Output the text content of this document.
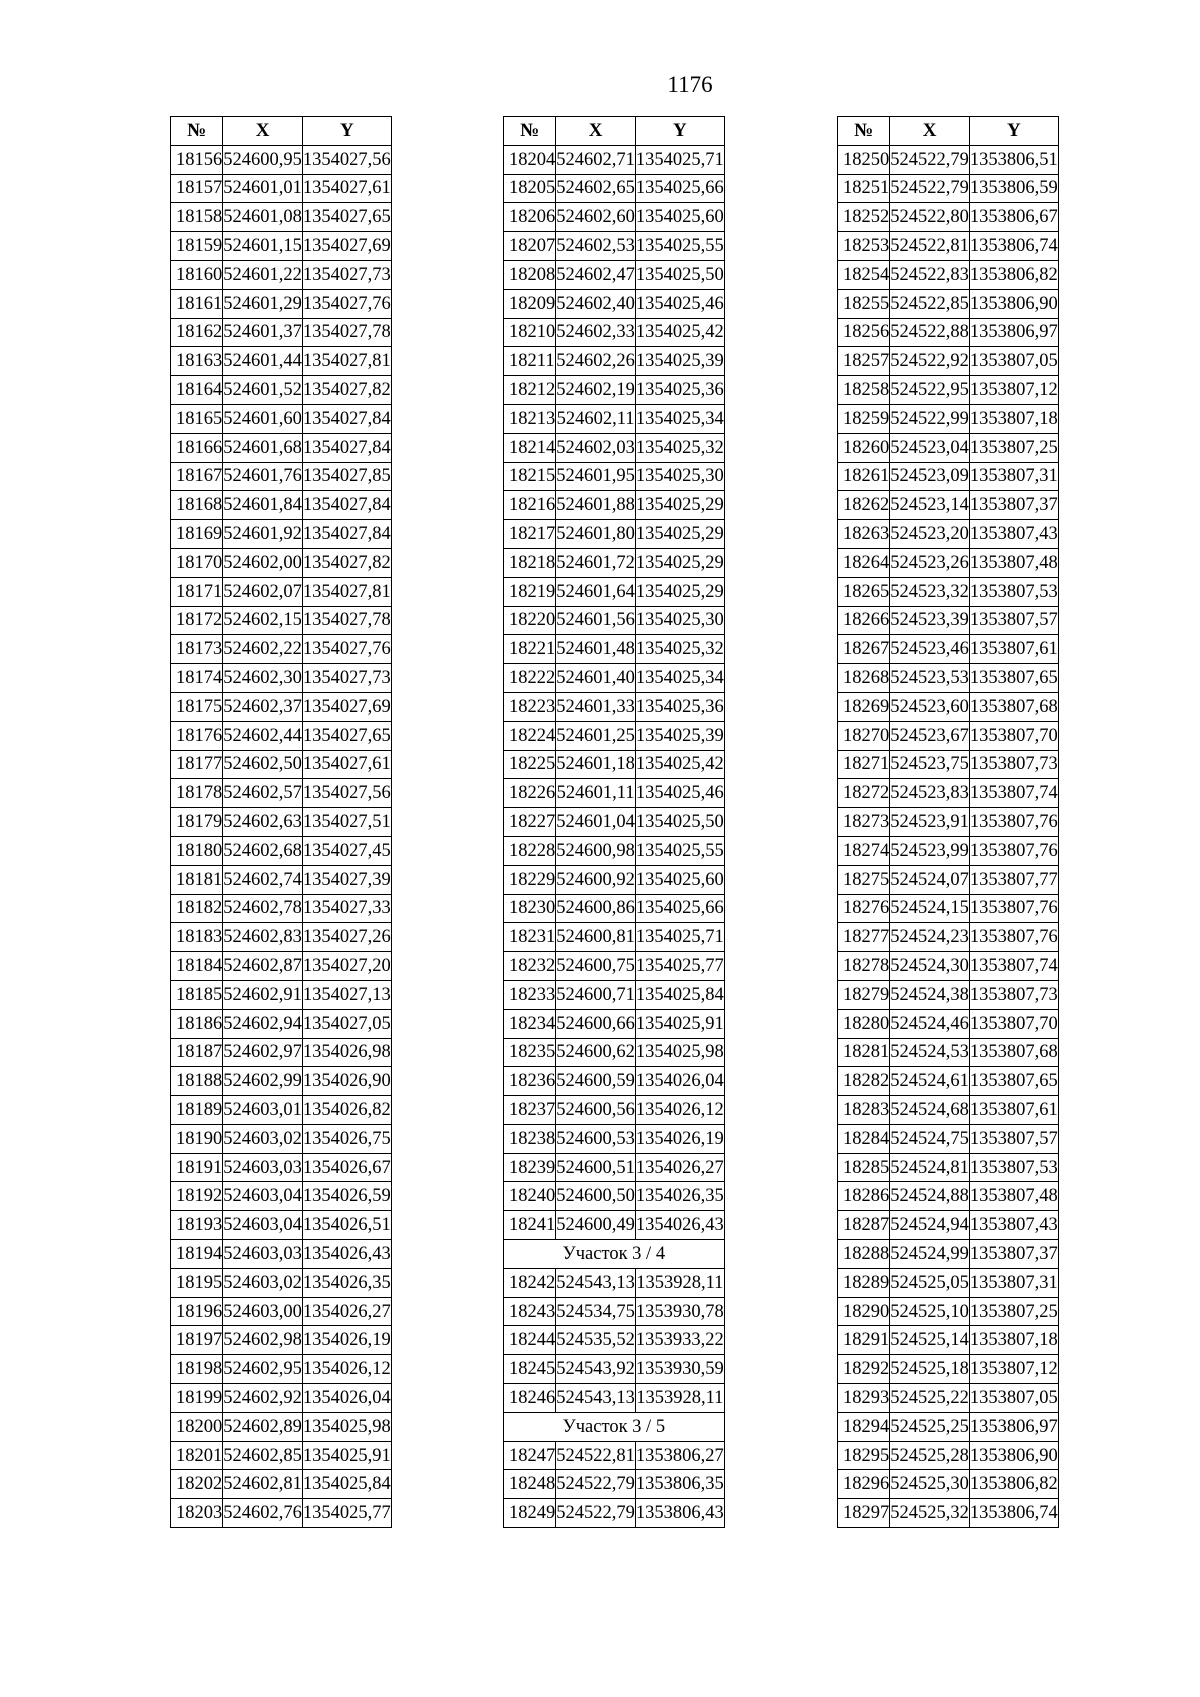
1176
№	X	Y
18156	524600,95	1354027,56
18157	524601,01	1354027,61
18158	524601,08	1354027,65
18159	524601,15	1354027,69
18160	524601,22	1354027,73
18161	524601,29	1354027,76
18162	524601,37	1354027,78
18163	524601,44	1354027,81
18164	524601,52	1354027,82
18165	524601,60	1354027,84
18166	524601,68	1354027,84
18167	524601,76	1354027,85
18168	524601,84	1354027,84
18169	524601,92	1354027,84
18170	524602,00	1354027,82
18171	524602,07	1354027,81
18172	524602,15	1354027,78
18173	524602,22	1354027,76
18174	524602,30	1354027,73
18175	524602,37	1354027,69
18176	524602,44	1354027,65
18177	524602,50	1354027,61
18178	524602,57	1354027,56
18179	524602,63	1354027,51
18180	524602,68	1354027,45
18181	524602,74	1354027,39
18182	524602,78	1354027,33
18183	524602,83	1354027,26
18184	524602,87	1354027,20
18185	524602,91	1354027,13
18186	524602,94	1354027,05
18187	524602,97	1354026,98
18188	524602,99	1354026,90
18189	524603,01	1354026,82
18190	524603,02	1354026,75
18191	524603,03	1354026,67
18192	524603,04	1354026,59
18193	524603,04	1354026,51
18194	524603,03	1354026,43
18195	524603,02	1354026,35
18196	524603,00	1354026,27
18197	524602,98	1354026,19
18198	524602,95	1354026,12
18199	524602,92	1354026,04
18200	524602,89	1354025,98
18201	524602,85	1354025,91
18202	524602,81	1354025,84
18203	524602,76	1354025,77
№	X	Y
18204	524602,71	1354025,71
18205	524602,65	1354025,66
18206	524602,60	1354025,60
18207	524602,53	1354025,55
18208	524602,47	1354025,50
18209	524602,40	1354025,46
18210	524602,33	1354025,42
18211	524602,26	1354025,39
18212	524602,19	1354025,36
18213	524602,11	1354025,34
18214	524602,03	1354025,32
18215	524601,95	1354025,30
18216	524601,88	1354025,29
18217	524601,80	1354025,29
18218	524601,72	1354025,29
18219	524601,64	1354025,29
18220	524601,56	1354025,30
18221	524601,48	1354025,32
18222	524601,40	1354025,34
18223	524601,33	1354025,36
18224	524601,25	1354025,39
18225	524601,18	1354025,42
18226	524601,11	1354025,46
18227	524601,04	1354025,50
18228	524600,98	1354025,55
18229	524600,92	1354025,60
18230	524600,86	1354025,66
18231	524600,81	1354025,71
18232	524600,75	1354025,77
18233	524600,71	1354025,84
18234	524600,66	1354025,91
18235	524600,62	1354025,98
18236	524600,59	1354026,04
18237	524600,56	1354026,12
18238	524600,53	1354026,19
18239	524600,51	1354026,27
18240	524600,50	1354026,35
18241	524600,49	1354026,43
Участок 3 / 4		
18242	524543,13	1353928,11
18243	524534,75	1353930,78
18244	524535,52	1353933,22
18245	524543,92	1353930,59
18246	524543,13	1353928,11
Участок 3 / 5		
18247	524522,81	1353806,27
18248	524522,79	1353806,35
18249	524522,79	1353806,43
№	X	Y
18250	524522,79	1353806,51
18251	524522,79	1353806,59
18252	524522,80	1353806,67
18253	524522,81	1353806,74
18254	524522,83	1353806,82
18255	524522,85	1353806,90
18256	524522,88	1353806,97
18257	524522,92	1353807,05
18258	524522,95	1353807,12
18259	524522,99	1353807,18
18260	524523,04	1353807,25
18261	524523,09	1353807,31
18262	524523,14	1353807,37
18263	524523,20	1353807,43
18264	524523,26	1353807,48
18265	524523,32	1353807,53
18266	524523,39	1353807,57
18267	524523,46	1353807,61
18268	524523,53	1353807,65
18269	524523,60	1353807,68
18270	524523,67	1353807,70
18271	524523,75	1353807,73
18272	524523,83	1353807,74
18273	524523,91	1353807,76
18274	524523,99	1353807,76
18275	524524,07	1353807,77
18276	524524,15	1353807,76
18277	524524,23	1353807,76
18278	524524,30	1353807,74
18279	524524,38	1353807,73
18280	524524,46	1353807,70
18281	524524,53	1353807,68
18282	524524,61	1353807,65
18283	524524,68	1353807,61
18284	524524,75	1353807,57
18285	524524,81	1353807,53
18286	524524,88	1353807,48
18287	524524,94	1353807,43
18288	524524,99	1353807,37
18289	524525,05	1353807,31
18290	524525,10	1353807,25
18291	524525,14	1353807,18
18292	524525,18	1353807,12
18293	524525,22	1353807,05
18294	524525,25	1353806,97
18295	524525,28	1353806,90
18296	524525,30	1353806,82
18297	524525,32	1353806,74
